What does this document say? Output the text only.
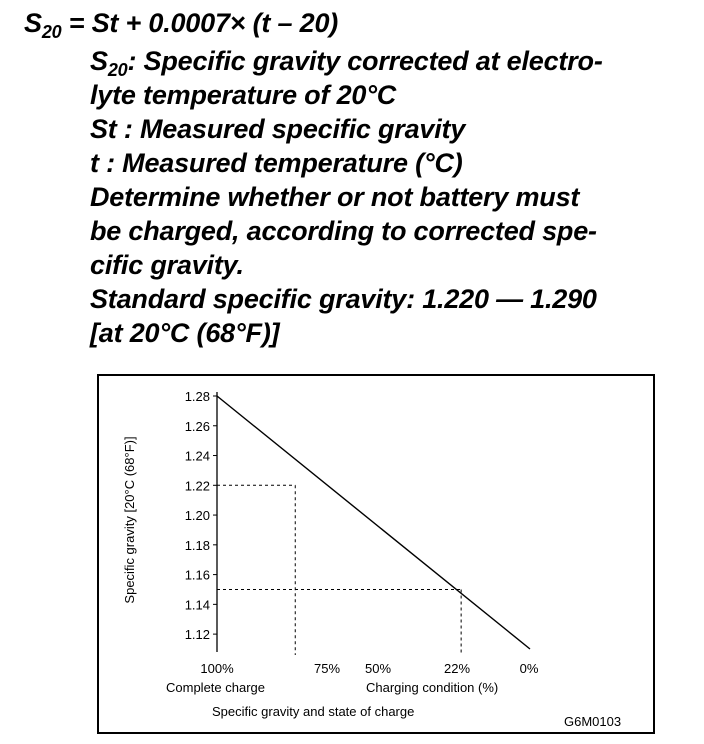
$S_{20} = St + 0.0007\times (t - 20)$
$S_{20}$: Specific gravity corrected at electro-
lyte temperature of 20°C
St : Measured specific gravity
t : Measured temperature (°C)
Determine whether or not battery must
be charged, according to corrected spe-
cific gravity.
Standard specific gravity: 1.220 — 1.290
[at 20°C (68°F)]
1.28
1.26
1.24
1.22
1.20
1.18
1.16
1.14
1.12
100%	75% 50%	22%	0%
Specific gravity [20°C (68°F)]
Complete charge	Charging condition (%)
Specific gravity and state of charge
G6M0103
